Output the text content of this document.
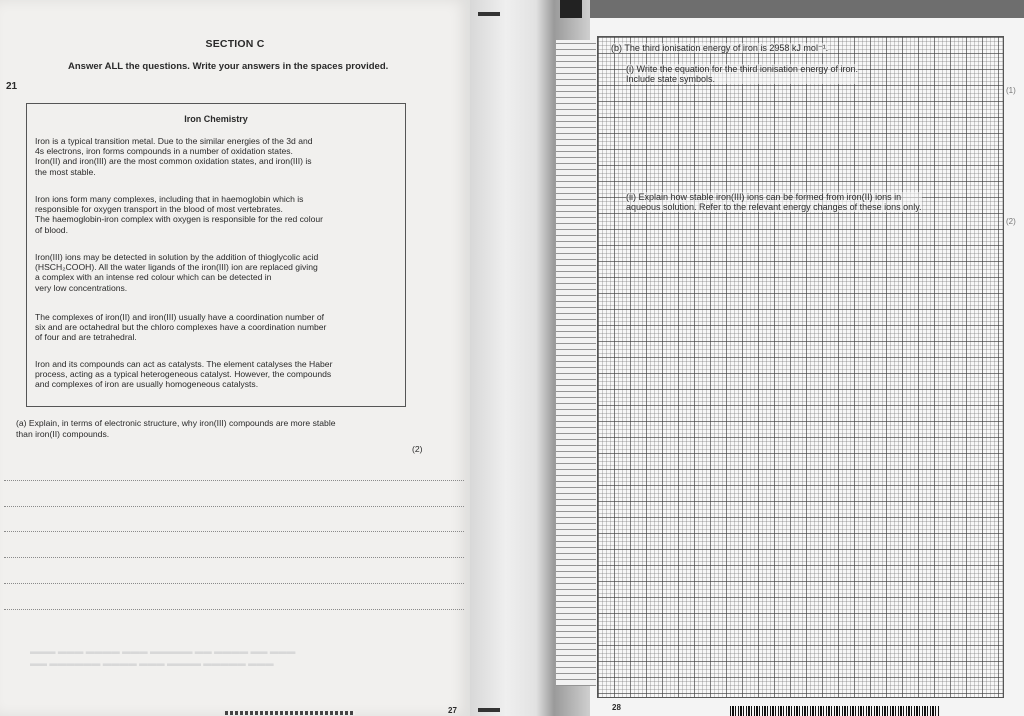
SECTION C
Answer ALL the questions. Write your answers in the spaces provided.
21
Iron Chemistry
Iron is a typical transition metal. Due to the similar energies of the 3d and
4s electrons, iron forms compounds in a number of oxidation states.
Iron(II) and iron(III) are the most common oxidation states, and iron(III) is
the most stable.
Iron ions form many complexes, including that in haemoglobin which is
responsible for oxygen transport in the blood of most vertebrates.
The haemoglobin-iron complex with oxygen is responsible for the red colour
of blood.
Iron(III) ions may be detected in solution by the addition of thioglycolic acid
(HSCH₂COOH). All the water ligands of the iron(III) ion are replaced giving
a complex with an intense red colour which can be detected in
very low concentrations.
The complexes of iron(II) and iron(III) usually have a coordination number of
six and are octahedral but the chloro complexes have a coordination number
of four and are tetrahedral.
Iron and its compounds can act as catalysts. The element catalyses the Haber
process, acting as a typical heterogeneous catalyst. However, the compounds
and complexes of iron are usually homogeneous catalysts.
(a) Explain, in terms of electronic structure, why iron(III) compounds are more stable
than iron(II) compounds.
(2)
▬▬▬ ▬▬▬ ▬▬▬▬ ▬▬▬ ▬▬▬▬▬ ▬▬ ▬▬▬▬ ▬▬ ▬▬▬
▬▬ ▬▬▬▬▬▬ ▬▬▬▬ ▬▬▬ ▬▬▬▬ ▬▬▬▬▬ ▬▬▬
27
(b) The third ionisation energy of iron is 2958 kJ mol⁻¹.
(i) Write the equation for the third ionisation energy of iron.
Include state symbols.
(1)
(ii) Explain how stable iron(III) ions can be formed from iron(II) ions in
aqueous solution. Refer to the relevant energy changes of these ions only.
(2)
28
